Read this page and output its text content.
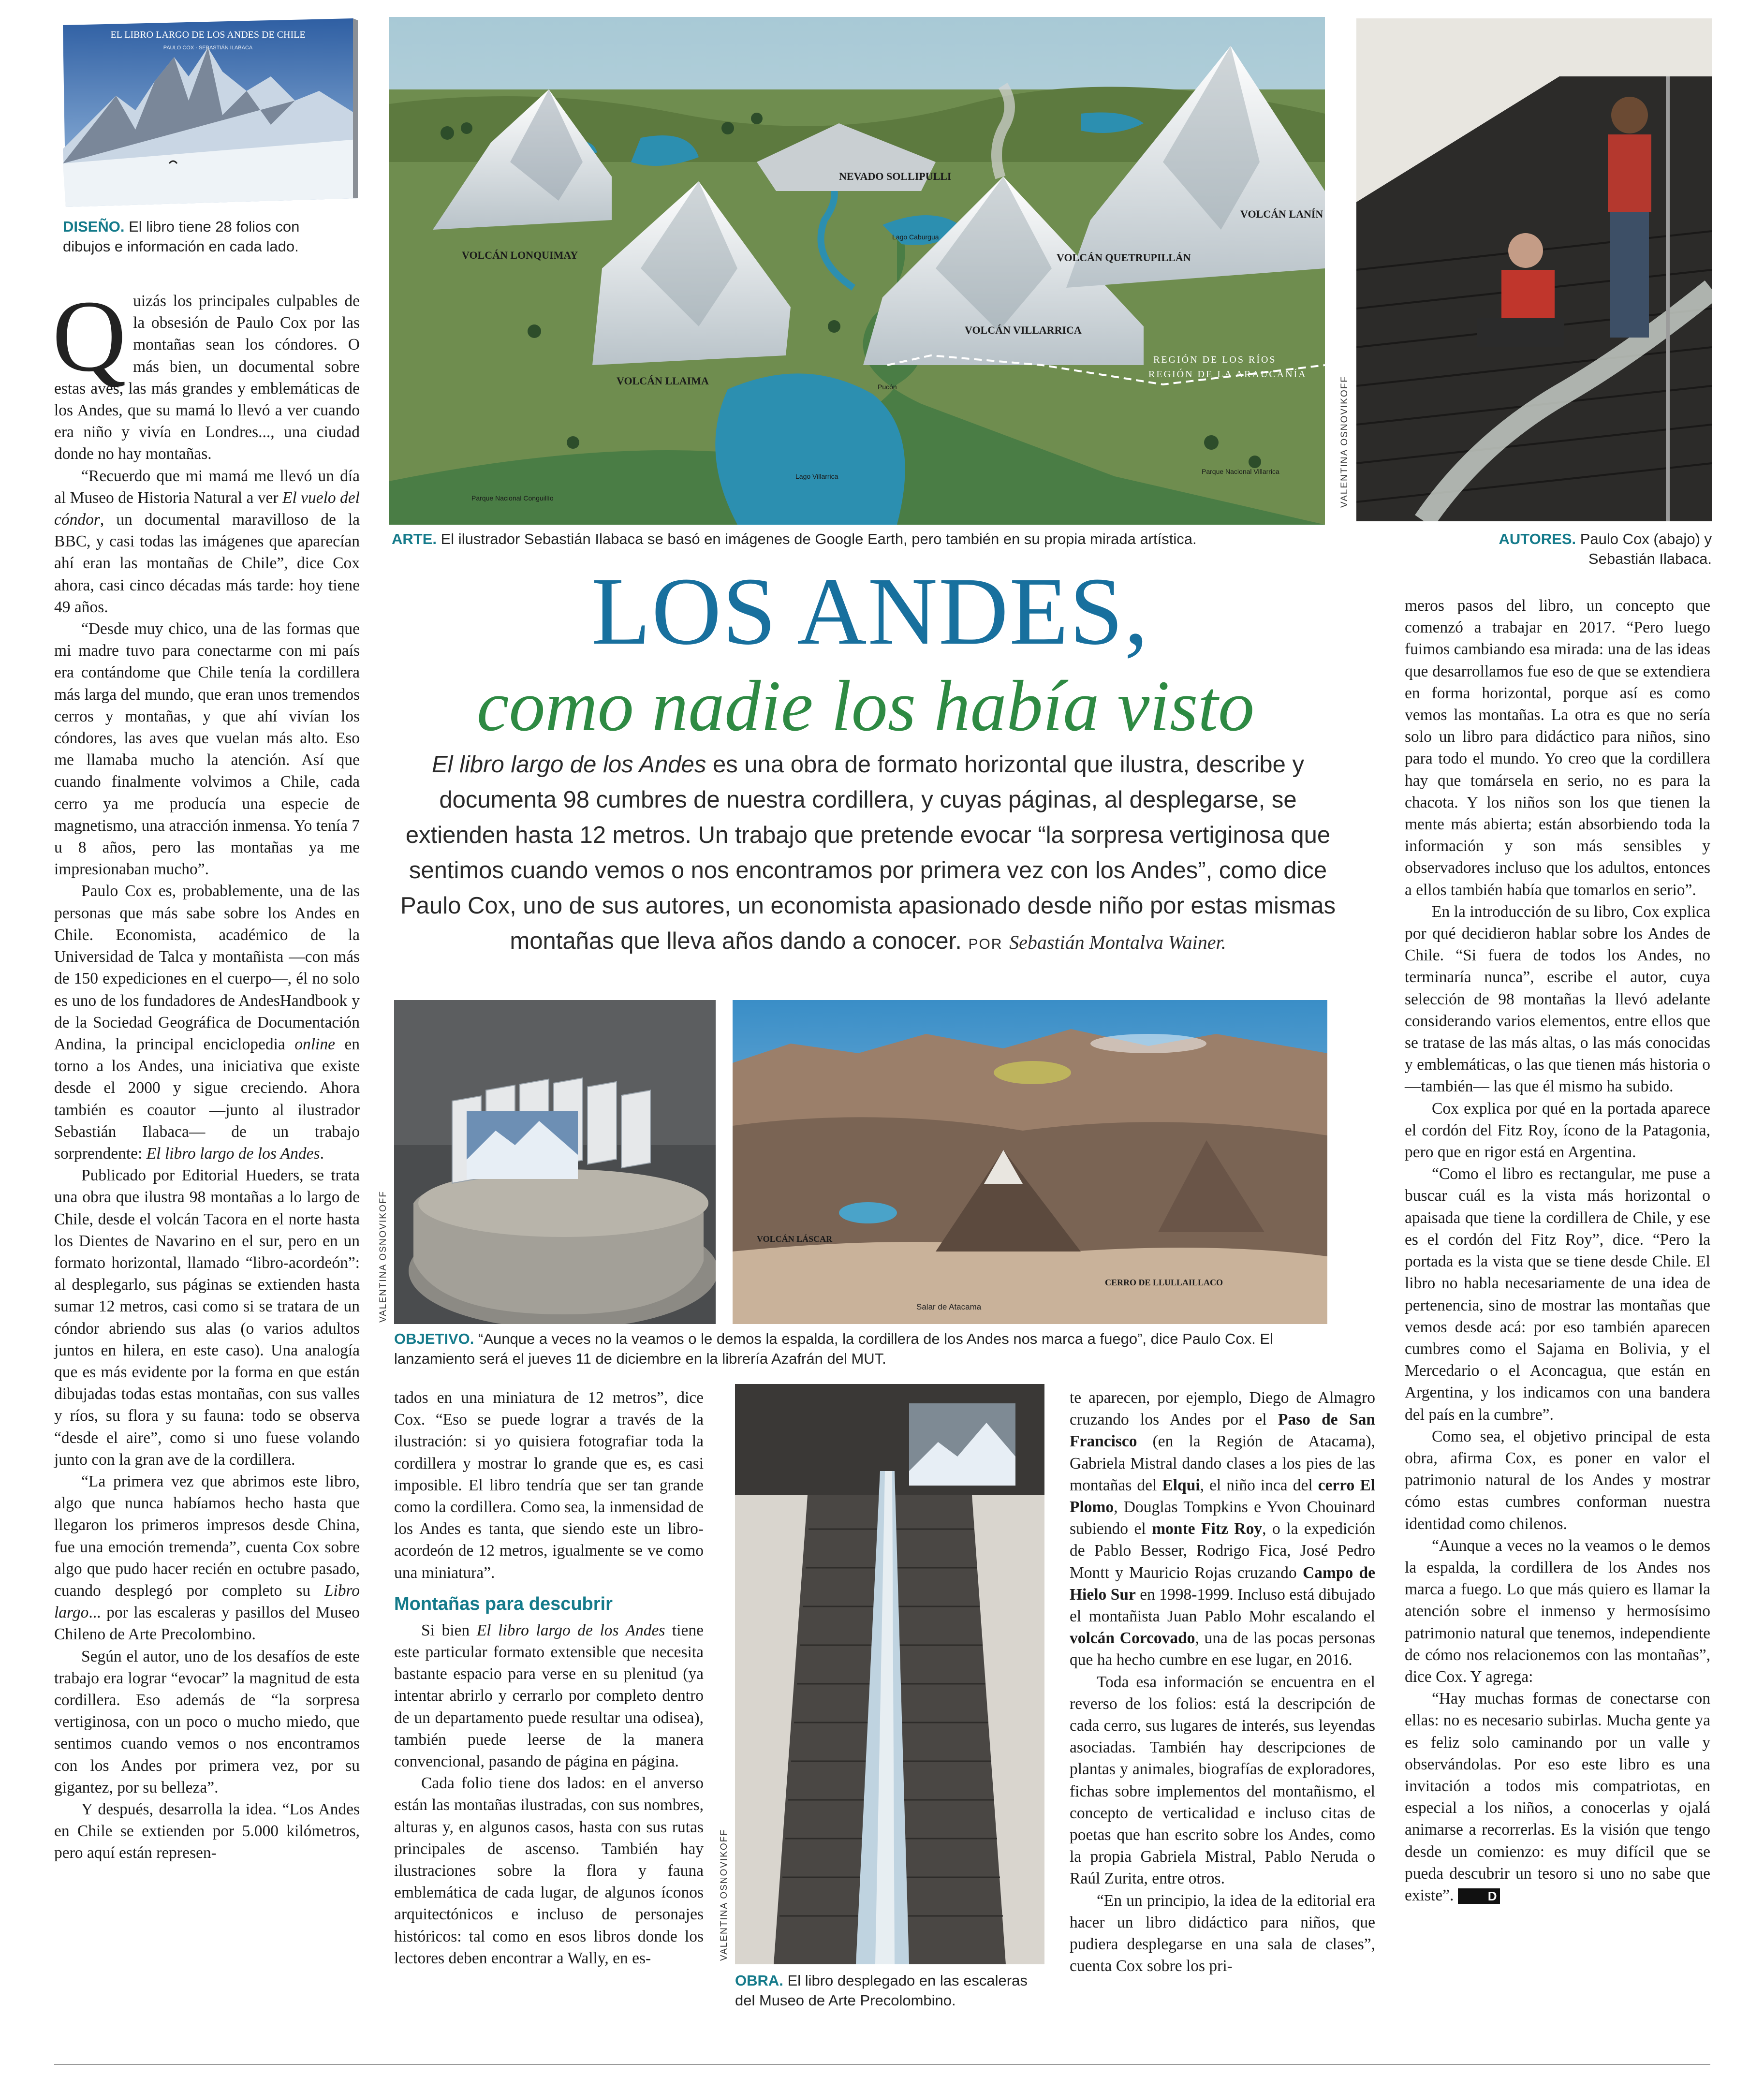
EL LIBRO LARGO DE LOS ANDES DE CHILE
PAULO COX · SEBASTIÁN ILABACA
DISEÑO. El libro tiene 28 folios con dibujos e información en cada lado.
VOLCÁN LONQUIMAY
VOLCÁN LLAIMA
NEVADO SOLLIPULLI
VOLCÁN VILLARRICA
VOLCÁN QUETRUPILLÁN
VOLCÁN LANÍN
REGIÓN DE LOS RÍOS
REGIÓN DE LA ARAUCANÍA
Lago Villarrica
Lago Caburgua
Pucón
Parque Nacional Villarrica
Parque Nacional Conguillío
ARTE. El ilustrador Sebastián Ilabaca se basó en imágenes de Google Earth, pero también en su propia mirada artística.
VALENTINA OSNOVIKOFF
AUTORES. Paulo Cox (abajo) y Sebastián Ilabaca.
LOS ANDES,
como nadie los había visto
El libro largo de los Andes es una obra de formato horizontal que ilustra, describe y documenta 98 cumbres de nuestra cordillera, y cuyas páginas, al desplegarse, se extienden hasta 12 metros. Un trabajo que pretende evocar “la sorpresa vertiginosa que sentimos cuando vemos o nos encontramos por primera vez con los Andes”, como dice Paulo Cox, uno de sus autores, un economista apasionado desde niño por estas mismas montañas que lleva años dando a conocer. POR Sebastián Montalva Wainer.
VALENTINA OSNOVIKOFF	VOLCÁN LÁSCAR
CERRO DE LLULLAILLACO
Salar de Atacama
OBJETIVO. “Aunque a veces no la veamos o le demos la espalda, la cordillera de los Andes nos marca a fuego”, dice Paulo Cox. El lanzamiento será el jueves 11 de diciembre en la librería Azafrán del MUT.
VALENTINA OSNOVIKOFF
OBRA. El libro desplegado en las escaleras del Museo de Arte Precolombino.

Quizás los principales culpables de la obsesión de Paulo Cox por las montañas sean los cóndores. O más bien, un documental sobre estas aves, las más grandes y emblemáticas de los Andes, que su mamá lo llevó a ver cuando era niño y vivía en Londres..., una ciudad donde no hay montañas.

“Recuerdo que mi mamá me llevó un día al Museo de Historia Natural a ver El vuelo del cóndor, un documental maravilloso de la BBC, y casi todas las imágenes que aparecían ahí eran las montañas de Chile”, dice Cox ahora, casi cinco décadas más tarde: hoy tiene 49 años.

“Desde muy chico, una de las formas que mi madre tuvo para conectarme con mi país era contándome que Chile tenía la cordillera más larga del mundo, que eran unos tremendos cerros y montañas, y que ahí vivían los cóndores, las aves que vuelan más alto. Eso me llamaba mucho la atención. Así que cuando finalmente volvimos a Chile, cada cerro ya me producía una especie de magnetismo, una atracción inmensa. Yo tenía 7 u 8 años, pero las montañas ya me impresionaban mucho”.

Paulo Cox es, probablemente, una de las personas que más sabe sobre los Andes en Chile. Economista, académico de la Universidad de Talca y montañista —con más de 150 expediciones en el cuerpo—, él no solo es uno de los fundadores de AndesHandbook y de la Sociedad Geográfica de Documentación Andina, la principal enciclopedia online en torno a los Andes, una iniciativa que existe desde el 2000 y sigue creciendo. Ahora también es coautor —junto al ilustrador Sebastián Ilabaca— de un trabajo sorprendente: El libro largo de los Andes.

Publicado por Editorial Hueders, se trata una obra que ilustra 98 montañas a lo largo de Chile, desde el volcán Tacora en el norte hasta los Dientes de Navarino en el sur, pero en un formato horizontal, llamado “libro-acordeón”: al desplegarlo, sus páginas se extienden hasta sumar 12 metros, casi como si se tratara de un cóndor abriendo sus alas (o varios adultos juntos en hilera, en este caso). Una analogía que es más evidente por la forma en que están dibujadas todas estas montañas, con sus valles y ríos, su flora y su fauna: todo se observa “desde el aire”, como si uno fuese volando junto con la gran ave de la cordillera.

“La primera vez que abrimos este libro, algo que nunca habíamos hecho hasta que llegaron los primeros impresos desde China, fue una emoción tremenda”, cuenta Cox sobre algo que pudo hacer recién en octubre pasado, cuando desplegó por completo su Libro largo... por las escaleras y pasillos del Museo Chileno de Arte Precolombino.

Según el autor, uno de los desafíos de este trabajo era lograr “evocar” la magnitud de esta cordillera. Eso además de “la sorpresa vertiginosa, con un poco o mucho miedo, que sentimos cuando vemos o nos encontramos con los Andes por primera vez, por su gigantez, por su belleza”.

Y después, desarrolla la idea. “Los Andes en Chile se extienden por 5.000 kilómetros, pero aquí están represen-

tados en una miniatura de 12 metros”, dice Cox. “Eso se puede lograr a través de la ilustración: si yo quisiera fotografiar toda la cordillera y mostrar lo grande que es, es casi imposible. El libro tendría que ser tan grande como la cordillera. Como sea, la inmensidad de los Andes es tanta, que siendo este un libro-acordeón de 12 metros, igualmente se ve como una miniatura”.

Montañas para descubrir

Si bien El libro largo de los Andes tiene este particular formato extensible que necesita bastante espacio para verse en su plenitud (ya intentar abrirlo y cerrarlo por completo dentro de un departamento puede resultar una odisea), también puede leerse de la manera convencional, pasando de página en página.

Cada folio tiene dos lados: en el anverso están las montañas ilustradas, con sus nombres, alturas y, en algunos casos, hasta con sus rutas principales de ascenso. También hay ilustraciones sobre la flora y fauna emblemática de cada lugar, de algunos íconos arquitectónicos e incluso de personajes históricos: tal como en esos libros donde los lectores deben encontrar a Wally, en es-

te aparecen, por ejemplo, Diego de Almagro cruzando los Andes por el Paso de San Francisco (en la Región de Atacama), Gabriela Mistral dando clases a los pies de las montañas del Elqui, el niño inca del cerro El Plomo, Douglas Tompkins e Yvon Chouinard subiendo el monte Fitz Roy, o la expedición de Pablo Besser, Rodrigo Fica, José Pedro Montt y Mauricio Rojas cruzando Campo de Hielo Sur en 1998-1999. Incluso está dibujado el montañista Juan Pablo Mohr escalando el volcán Corcovado, una de las pocas personas que ha hecho cumbre en ese lugar, en 2016.

Toda esa información se encuentra en el reverso de los folios: está la descripción de cada cerro, sus lugares de interés, sus leyendas asociadas. También hay descripciones de plantas y animales, biografías de exploradores, fichas sobre implementos del montañismo, el concepto de verticalidad e incluso citas de poetas que han escrito sobre los Andes, como la propia Gabriela Mistral, Pablo Neruda o Raúl Zurita, entre otros.

“En un principio, la idea de la editorial era hacer un libro didáctico para niños, que pudiera desplegarse en una sala de clases”, cuenta Cox sobre los pri-

meros pasos del libro, un concepto que comenzó a trabajar en 2017. “Pero luego fuimos cambiando esa mirada: una de las ideas que desarrollamos fue eso de que se extendiera en forma horizontal, porque así es como vemos las montañas. La otra es que no sería solo un libro para didáctico para niños, sino para todo el mundo. Yo creo que la cordillera hay que tomársela en serio, no es para la chacota. Y los niños son los que tienen la mente más abierta; están absorbiendo toda la información y son más sensibles y observadores incluso que los adultos, entonces a ellos también había que tomarlos en serio”.

En la introducción de su libro, Cox explica por qué decidieron hablar sobre los Andes de Chile. “Si fuera de todos los Andes, no terminaría nunca”, escribe el autor, cuya selección de 98 montañas la llevó adelante considerando varios elementos, entre ellos que se tratase de las más altas, o las más conocidas y emblemáticas, o las que tienen más historia o —también— las que él mismo ha subido.

Cox explica por qué en la portada aparece el cordón del Fitz Roy, ícono de la Patagonia, pero que en rigor está en Argentina.

“Como el libro es rectangular, me puse a buscar cuál es la vista más horizontal o apaisada que tiene la cordillera de Chile, y ese es el cordón del Fitz Roy”, dice. “Pero la portada es la vista que se tiene desde Chile. El libro no habla necesariamente de una idea de pertenencia, sino de mostrar las montañas que vemos desde acá: por eso también aparecen cumbres como el Sajama en Bolivia, y el Mercedario o el Aconcagua, que están en Argentina, y los indicamos con una bandera del país en la cumbre”.

Como sea, el objetivo principal de esta obra, afirma Cox, es poner en valor el patrimonio natural de los Andes y mostrar cómo estas cumbres conforman nuestra identidad como chilenos.

“Aunque a veces no la veamos o le demos la espalda, la cordillera de los Andes nos marca a fuego. Lo que más quiero es llamar la atención sobre el inmenso y hermosísimo patrimonio natural que tenemos, independiente de cómo nos relacionemos con las montañas”, dice Cox. Y agrega:

“Hay muchas formas de conectarse con ellas: no es necesario subirlas. Mucha gente ya es feliz solo caminando por un valle y observándolas. Por eso este libro es una invitación a todos mis compatriotas, en especial a los niños, a conocerlas y ojalá animarse a recorrerlas. Es la visión que tengo desde un comienzo: es muy difícil que se pueda descubrir un tesoro si uno no sabe que existe”.	D
